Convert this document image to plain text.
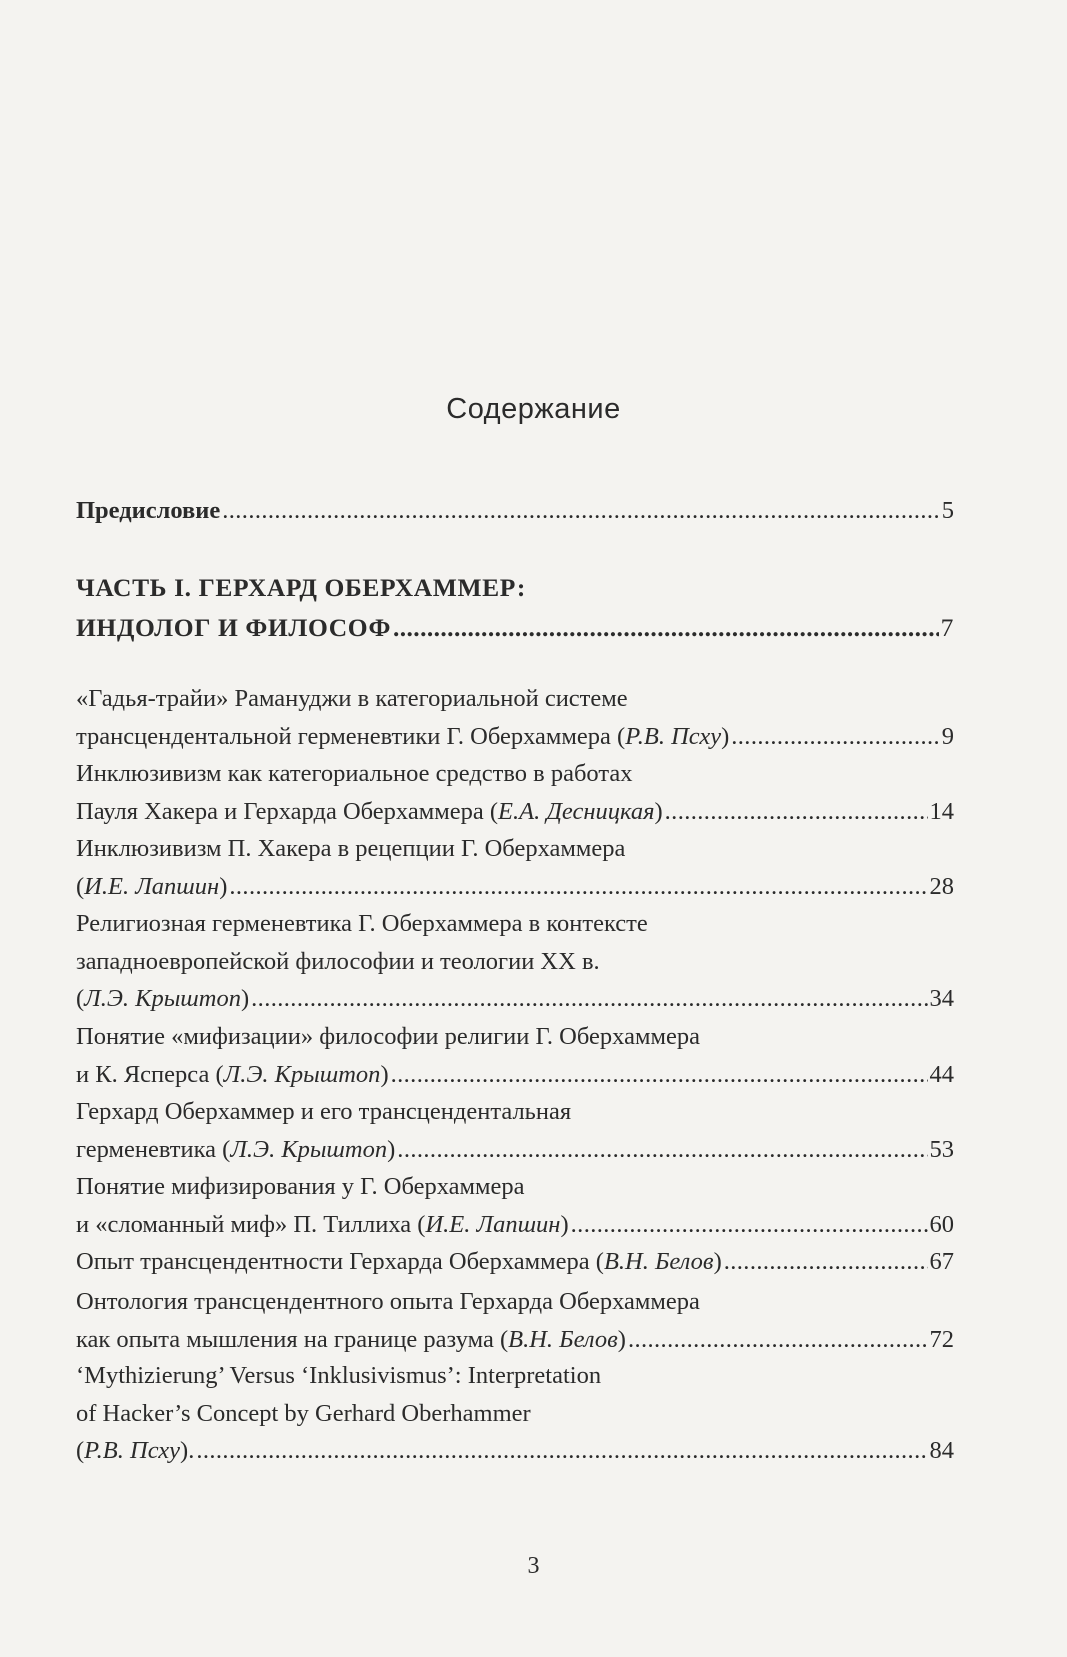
Содержание
Предисловие .....	5
ЧАСТЬ I. ГЕРХАРД ОБЕРХАММЕР:
ИНДОЛОГ И ФИЛОСОФ .....	7
«Гадья-трайи» Рамануджи в категориальной системе
трансцендентальной герменевтики Г. Оберхаммера (Р.В. Псху) .....	9
Инклюзивизм как категориальное средство в работах
Пауля Хакера и Герхарда Оберхаммера (Е.А. Десницкая) .....	14
Инклюзивизм П. Хакера в рецепции Г. Оберхаммера
(И.Е. Лапшин) .....	28
Религиозная герменевтика Г. Оберхаммера в контексте
западноевропейской философии и теологии XX в.
(Л.Э. Крыштоп) .....	34
Понятие «мифизации» философии религии Г. Оберхаммера
и К. Ясперса (Л.Э. Крыштоп) .....	44
Герхард Оберхаммер и его трансцендентальная
герменевтика (Л.Э. Крыштоп) .....	53
Понятие мифизирования у Г. Оберхаммера
и «сломанный миф» П. Тиллиха (И.Е. Лапшин) .....	60
Опыт трансцендентности Герхарда Оберхаммера (В.Н. Белов) .....	67
Онтология трансцендентного опыта Герхарда Оберхаммера
как опыта мышления на границе разума (В.Н. Белов) .....	72
‘Mythizierung’ Versus ‘Inklusivismus’: Interpretation
of Hacker’s Concept by Gerhard Oberhammer
(Р.В. Псху). .....	84
3
